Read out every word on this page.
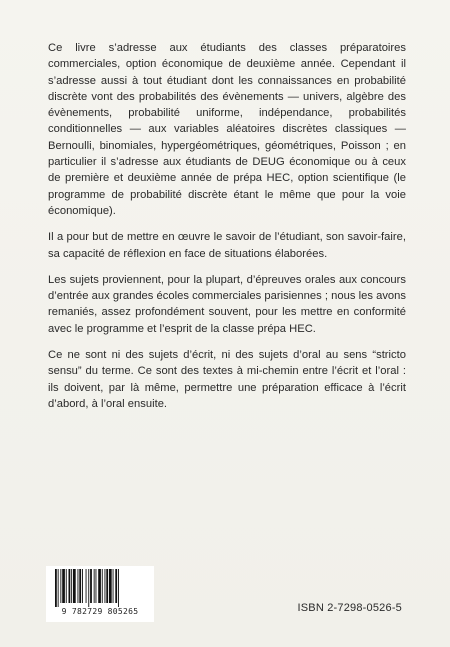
Ce livre s’adresse aux étudiants des classes préparatoires commerciales, option économique de deuxième année. Cependant il s’adresse aussi à tout étudiant dont les connaissances en probabilité discrète vont des probabilités des évènements — univers, algèbre des évènements, probabilité uniforme, indépendance, probabilités conditionnelles — aux variables aléatoires discrètes classiques — Bernoulli, binomiales, hypergéométriques, géométriques, Poisson ; en particulier il s’adresse aux étudiants de DEUG économique ou à ceux de première et deuxième année de prépa HEC, option scientifique (le programme de probabilité discrète étant le même que pour la voie économique).

Il a pour but de mettre en œuvre le savoir de l’étudiant, son savoir-faire, sa capacité de réflexion en face de situations élaborées.

Les sujets proviennent, pour la plupart, d’épreuves orales aux concours d’entrée aux grandes écoles commerciales parisiennes ; nous les avons remaniés, assez profondément souvent, pour les mettre en conformité avec le programme et l’esprit de la classe prépa HEC.

Ce ne sont ni des sujets d’écrit, ni des sujets d’oral au sens “stricto sensu” du terme. Ce sont des textes à mi-chemin entre l’écrit et l’oral : ils doivent, par là même, permettre une préparation efficace à l’écrit d’abord, à l’oral ensuite.

9 782729 805265	ISBN 2-7298-0526-5
